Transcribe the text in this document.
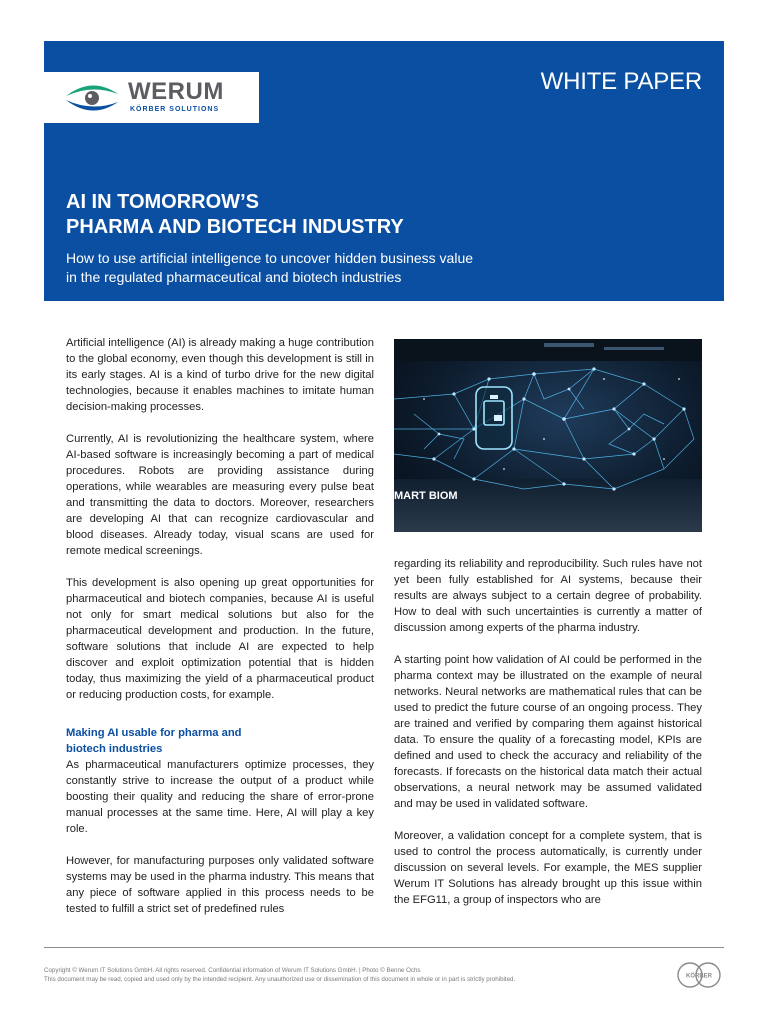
WERUM
KÖRBER SOLUTIONS
WHITE PAPER
AI IN TOMORROW’S
PHARMA AND BIOTECH INDUSTRY
How to use artificial intelligence to uncover hidden business value
in the regulated pharmaceutical and biotech industries

Artificial intelligence (AI) is already making a huge contribution to the global economy, even though this development is still in its early stages. AI is a kind of turbo drive for the new digital technologies, because it enables machines to imitate human decision-making processes.

Currently, AI is revolutionizing the healthcare system, where AI-based software is increasingly becoming a part of medical procedures. Robots are providing assistance during operations, while wearables are measuring every pulse beat and transmitting the data to doctors. Moreover, researchers are developing AI that can recognize cardiovascular and blood diseases. Already today, visual scans are used for remote medical screenings.

This development is also opening up great opportunities for pharmaceutical and biotech companies, because AI is useful not only for smart medical solutions but also for the pharmaceutical development and production. In the future, software solutions that include AI are expected to help discover and exploit optimization potential that is hidden today, thus maximizing the yield of a pharmaceutical product or reducing production costs, for example.

Making AI usable for pharma and
biotech industries

As pharmaceutical manufacturers optimize processes, they constantly strive to increase the output of a product while boosting their quality and reducing the share of error-prone manual processes at the same time. Here, AI will play a key role.

However, for manufacturing purposes only validated software systems may be used in the pharma industry. This means that any piece of software applied in this process needs to be tested to fulfill a strict set of predefined rules

MART BIOM

regarding its reliability and reproducibility. Such rules have not yet been fully established for AI systems, because their results are always subject to a certain degree of probability. How to deal with such uncertainties is currently a matter of discussion among experts of the pharma industry.

A starting point how validation of AI could be performed in the pharma context may be illustrated on the example of neural networks. Neural networks are mathematical rules that can be used to predict the future course of an ongoing process. They are trained and verified by comparing them against historical data. To ensure the quality of a forecasting model, KPIs are defined and used to check the accuracy and reliability of the forecasts. If forecasts on the historical data match their actual observations, a neural network may be assumed validated and may be used in validated software.

Moreover, a validation concept for a complete system, that is used to control the process automatically, is currently under discussion on several levels. For example, the MES supplier Werum IT Solutions has already brought up this issue within the EFG11, a group of inspectors who are

Copyright © Werum IT Solutions GmbH. All rights reserved. Confidential information of Werum IT Solutions GmbH. | Photo © Benne Ochs
This document may be read, copied and used only by the intended recipient. Any unauthorized use or dissemination of this document in whole or in part is strictly prohibited.	KÖRBER
